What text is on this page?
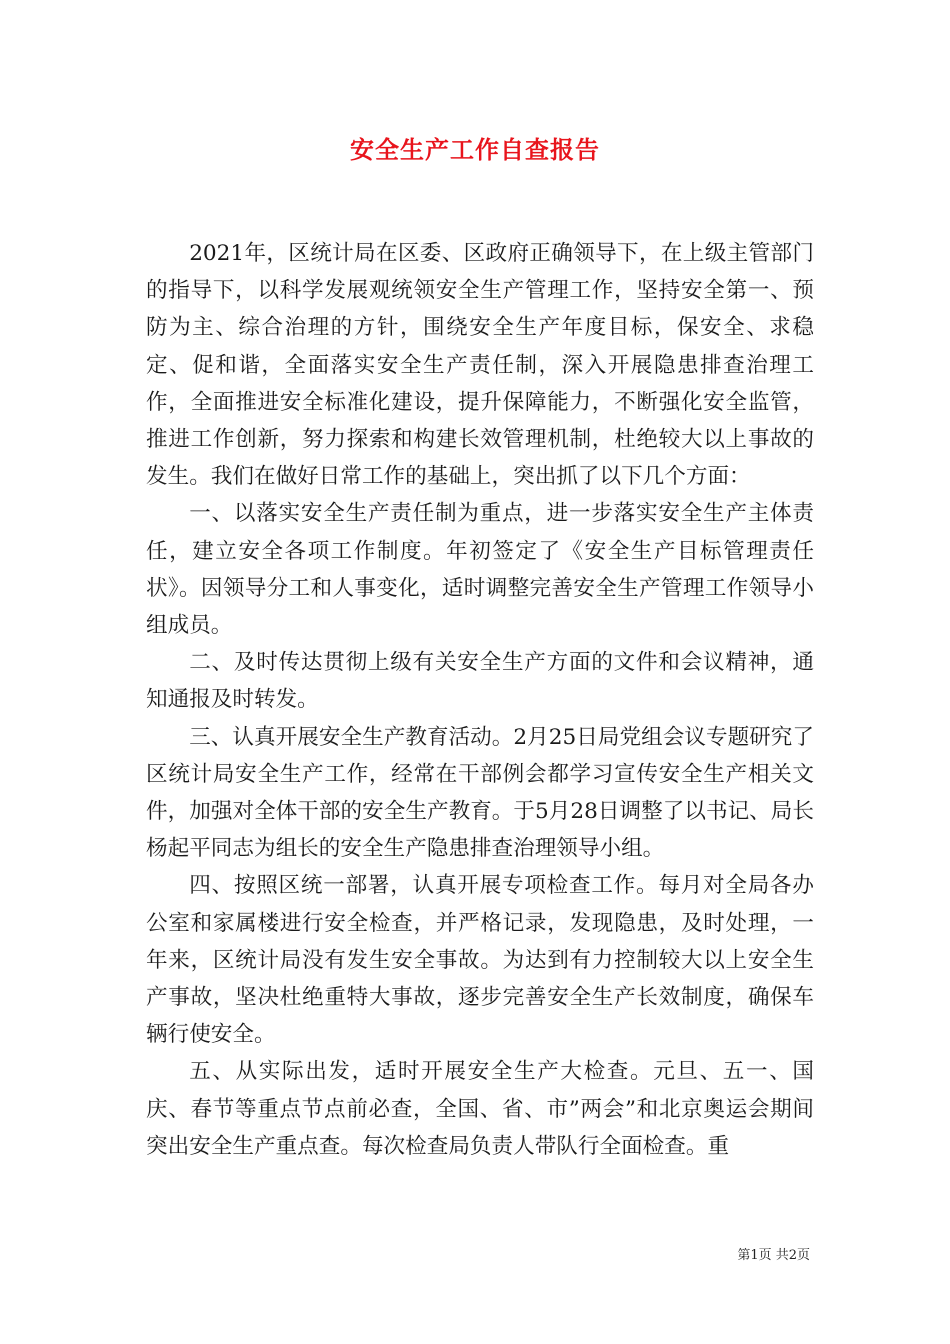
安全生产工作自查报告

2021年，区统计局在区委、区政府正确领导下，在上级主管部门的指导下，以科学发展观统领安全生产管理工作，坚持安全第一、预防为主、综合治理的方针，围绕安全生产年度目标，保安全、求稳定、促和谐，全面落实安全生产责任制，深入开展隐患排查治理工作，全面推进安全标准化建设，提升保障能力，不断强化安全监管，推进工作创新，努力探索和构建长效管理机制，杜绝较大以上事故的发生。我们在做好日常工作的基础上，突出抓了以下几个方面：

一、以落实安全生产责任制为重点，进一步落实安全生产主体责任，建立安全各项工作制度。年初签定了《安全生产目标管理责任状》。因领导分工和人事变化，适时调整完善安全生产管理工作领导小组成员。

二、及时传达贯彻上级有关安全生产方面的文件和会议精神，通知通报及时转发。

三、认真开展安全生产教育活动。2月25日局党组会议专题研究了区统计局安全生产工作，经常在干部例会都学习宣传安全生产相关文件，加强对全体干部的安全生产教育。于5月28日调整了以书记、局长杨起平同志为组长的安全生产隐患排查治理领导小组。

四、按照区统一部署，认真开展专项检查工作。每月对全局各办公室和家属楼进行安全检查，并严格记录，发现隐患，及时处理，一年来，区统计局没有发生安全事故。为达到有力控制较大以上安全生产事故，坚决杜绝重特大事故，逐步完善安全生产长效制度，确保车辆行使安全。

五、从实际出发，适时开展安全生产大检查。元旦、五一、国庆、春节等重点节点前必查，全国、省、市”两会”和北京奥运会期间突出安全生产重点查。每次检查局负责人带队行全面检查。重

第1页 共2页
